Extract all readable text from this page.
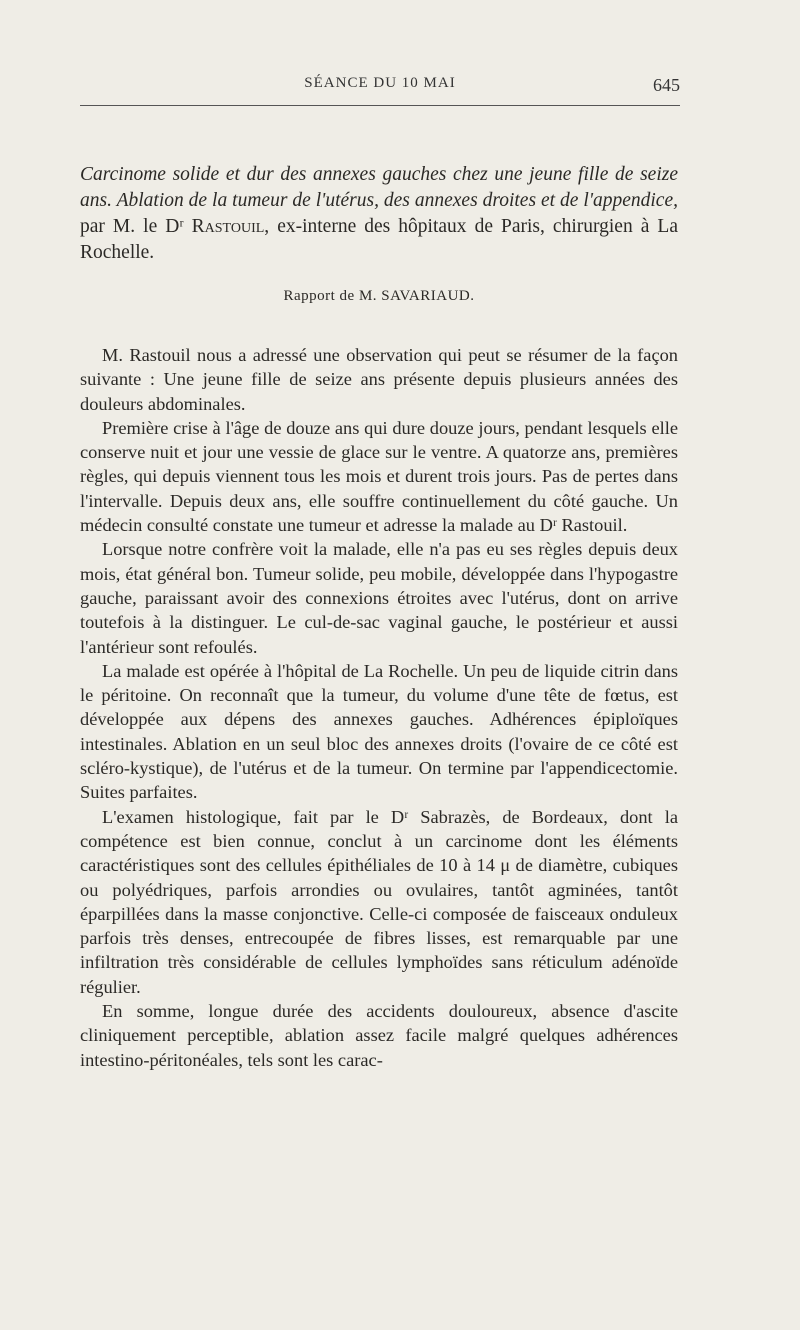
SÉANCE DU 10 MAI	645
Carcinome solide et dur des annexes gauches chez une jeune fille de seize ans. Ablation de la tumeur de l'utérus, des annexes droites et de l'appendice, par M. le Dʳ Rastouil, ex-interne des hôpitaux de Paris, chirurgien à La Rochelle.
Rapport de M. SAVARIAUD.

M. Rastouil nous a adressé une observation qui peut se résumer de la façon suivante : Une jeune fille de seize ans présente depuis plusieurs années des douleurs abdominales.

Première crise à l'âge de douze ans qui dure douze jours, pendant lesquels elle conserve nuit et jour une vessie de glace sur le ventre. A quatorze ans, premières règles, qui depuis viennent tous les mois et durent trois jours. Pas de pertes dans l'intervalle. Depuis deux ans, elle souffre continuellement du côté gauche. Un médecin consulté constate une tumeur et adresse la malade au Dʳ Rastouil.

Lorsque notre confrère voit la malade, elle n'a pas eu ses règles depuis deux mois, état général bon. Tumeur solide, peu mobile, développée dans l'hypogastre gauche, paraissant avoir des connexions étroites avec l'utérus, dont on arrive toutefois à la distinguer. Le cul-de-sac vaginal gauche, le postérieur et aussi l'antérieur sont refoulés.

La malade est opérée à l'hôpital de La Rochelle. Un peu de liquide citrin dans le péritoine. On reconnaît que la tumeur, du volume d'une tête de fœtus, est développée aux dépens des annexes gauches. Adhérences épiploïques intestinales. Ablation en un seul bloc des annexes droits (l'ovaire de ce côté est scléro-kystique), de l'utérus et de la tumeur. On termine par l'appendicectomie. Suites parfaites.

L'examen histologique, fait par le Dʳ Sabrazès, de Bordeaux, dont la compétence est bien connue, conclut à un carcinome dont les éléments caractéristiques sont des cellules épithéliales de 10 à 14 μ de diamètre, cubiques ou polyédriques, parfois arrondies ou ovulaires, tantôt agminées, tantôt éparpillées dans la masse conjonctive. Celle-ci composée de faisceaux onduleux parfois très denses, entrecoupée de fibres lisses, est remarquable par une infiltration très considérable de cellules lymphoïdes sans réticulum adénoïde régulier.

En somme, longue durée des accidents douloureux, absence d'ascite cliniquement perceptible, ablation assez facile malgré quelques adhérences intestino-péritonéales, tels sont les carac-
